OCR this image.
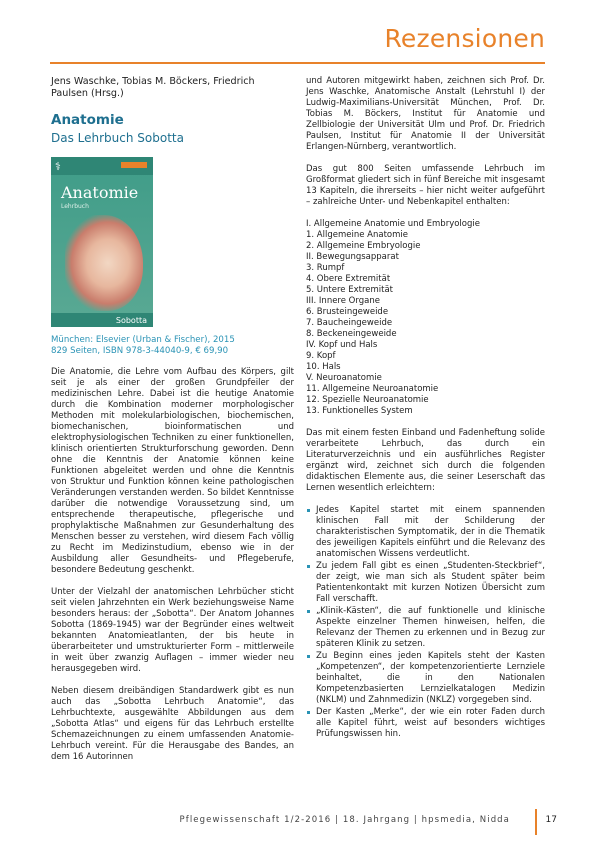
Rezensionen

Jens Waschke, Tobias M. Böckers, Friedrich Paulsen (Hrsg.)

Anatomie
Das Lehrbuch Sobotta
⚕
Anatomie
Lehrbuch
Sobotta
München: Elsevier (Urban & Fischer), 2015
829 Seiten, ISBN 978-3-44040-9, € 69,90

Die Anatomie, die Lehre vom Aufbau des Körpers, gilt seit je als einer der großen Grundpfeiler der medizinischen Lehre. Dabei ist die heutige Anatomie durch die Kombination moderner morphologischer Methoden mit molekularbiologischen, biochemischen, biomechanischen, bioinformatischen und elektrophysiologischen Techniken zu einer funktionellen, klinisch orientierten Strukturforschung geworden. Denn ohne die Kenntnis der Anatomie können keine Funktionen abgeleitet werden und ohne die Kenntnis von Struktur und Funktion können keine pathologischen Veränderungen verstanden werden. So bildet Kenntnisse darüber die notwendige Voraussetzung sind, um entsprechende therapeutische, pflegerische und prophylaktische Maßnahmen zur Gesunderhaltung des Menschen besser zu verstehen, wird diesem Fach völlig zu Recht im Medizinstudium, ebenso wie in der Ausbildung aller Gesundheits- und Pflegeberufe, besondere Bedeutung geschenkt.

Unter der Vielzahl der anatomischen Lehrbücher sticht seit vielen Jahrzehnten ein Werk beziehungsweise Name besonders heraus: der „Sobotta“. Der Anatom Johannes Sobotta (1869-1945) war der Begründer eines weltweit bekannten Anatomieatlanten, der bis heute in überarbeiteter und umstrukturierter Form – mittlerweile in weit über zwanzig Auflagen – immer wieder neu herausgegeben wird.

Neben diesem dreibändigen Standardwerk gibt es nun auch das „Sobotta Lehrbuch Anatomie“, das Lehrbuchtexte, ausgewählte Abbildungen aus dem „Sobotta Atlas“ und eigens für das Lehrbuch erstellte Schemazeichnungen zu einem umfassenden Anatomie-Lehrbuch vereint. Für die Herausgabe des Bandes, an dem 16 Autorinnen

und Autoren mitgewirkt haben, zeichnen sich Prof. Dr. Jens Waschke, Anatomische Anstalt (Lehrstuhl I) der Ludwig-Maximilians-Universität München, Prof. Dr. Tobias M. Böckers, Institut für Anatomie und Zellbiologie der Universität Ulm und Prof. Dr. Friedrich Paulsen, Institut für Anatomie II der Universität Erlangen-Nürnberg, verantwortlich.

Das gut 800 Seiten umfassende Lehrbuch im Großformat gliedert sich in fünf Bereiche mit insgesamt 13 Kapiteln, die ihrerseits – hier nicht weiter aufgeführt – zahlreiche Unter- und Nebenkapitel enthalten:

I. Allgemeine Anatomie und Embryologie
1. Allgemeine Anatomie
2. Allgemeine Embryologie
II. Bewegungsapparat
3. Rumpf
4. Obere Extremität
5. Untere Extremität
III. Innere Organe
6. Brusteingeweide
7. Baucheingeweide
8. Beckeneingeweide
IV. Kopf und Hals
9. Kopf
10. Hals
V. Neuroanatomie
11. Allgemeine Neuroanatomie
12. Spezielle Neuroanatomie
13. Funktionelles System

Das mit einem festen Einband und Fadenheftung solide verarbeitete Lehrbuch, das durch ein Literaturverzeichnis und ein ausführliches Register ergänzt wird, zeichnet sich durch die folgenden didaktischen Elemente aus, die seiner Leserschaft das Lernen wesentlich erleichtern:

Jedes Kapitel startet mit einem spannenden klinischen Fall mit der Schilderung der charakteristischen Symptomatik, der in die Thematik des jeweiligen Kapitels einführt und die Relevanz des anatomischen Wissens verdeutlicht.
Zu jedem Fall gibt es einen „Studenten-Steckbrief“, der zeigt, wie man sich als Student später beim Patientenkontakt mit kurzen Notizen Übersicht zum Fall verschafft.
„Klinik-Kästen“, die auf funktionelle und klinische Aspekte einzelner Themen hinweisen, helfen, die Relevanz der Themen zu erkennen und in Bezug zur späteren Klinik zu setzen.
Zu Beginn eines jeden Kapitels steht der Kasten „Kompetenzen“, der kompetenzorientierte Lernziele beinhaltet, die in den Nationalen Kompetenzbasierten Lernzielkatalogen Medizin (NKLM) und Zahnmedizin (NKLZ) vorgegeben sind.
Der Kasten „Merke“, der wie ein roter Faden durch alle Kapitel führt, weist auf besonders wichtiges Prüfungswissen hin.
Pflegewissenschaft 1/2-2016 | 18. Jahrgang | hpsmedia, Nidda	17
